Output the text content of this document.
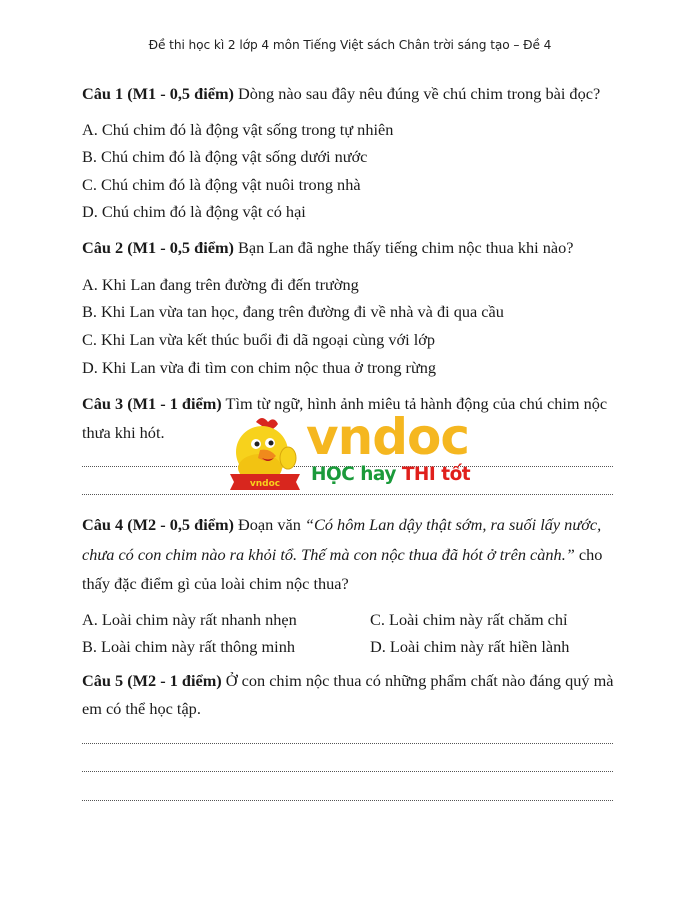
Đề thi học kì 2 lớp 4 môn Tiếng Việt sách Chân trời sáng tạo – Đề 4
Câu 1 (M1 - 0,5 điểm) Dòng nào sau đây nêu đúng về chú chim trong bài đọc?
A. Chú chim đó là động vật sống trong tự nhiên
B. Chú chim đó là động vật sống dưới nước
C. Chú chim đó là động vật nuôi trong nhà
D. Chú chim đó là động vật có hại
Câu 2 (M1 - 0,5 điểm) Bạn Lan đã nghe thấy tiếng chim nộc thua khi nào?
A. Khi Lan đang trên đường đi đến trường
B. Khi Lan vừa tan học, đang trên đường đi về nhà và đi qua cầu
C. Khi Lan vừa kết thúc buổi đi dã ngoại cùng với lớp
D. Khi Lan vừa đi tìm con chim nộc thua ở trong rừng
Câu 3 (M1 - 1 điểm) Tìm từ ngữ, hình ảnh miêu tả hành động của chú chim nộc
thưa khi hót.
vndoc
vndoc
HỌC hay THI tốt
Câu 4 (M2 - 0,5 điểm) Đoạn văn “Có hôm Lan dậy thật sớm, ra suối lấy nước,
chưa có con chim nào ra khỏi tổ. Thế mà con nộc thua đã hót ở trên cành.” cho
thấy đặc điểm gì của loài chim nộc thua?
A. Loài chim này rất nhanh nhẹn
B. Loài chim này rất thông minh
C. Loài chim này rất chăm chỉ
D. Loài chim này rất hiền lành
Câu 5 (M2 - 1 điểm) Ở con chim nộc thua có những phẩm chất nào đáng quý mà
em có thể học tập.
